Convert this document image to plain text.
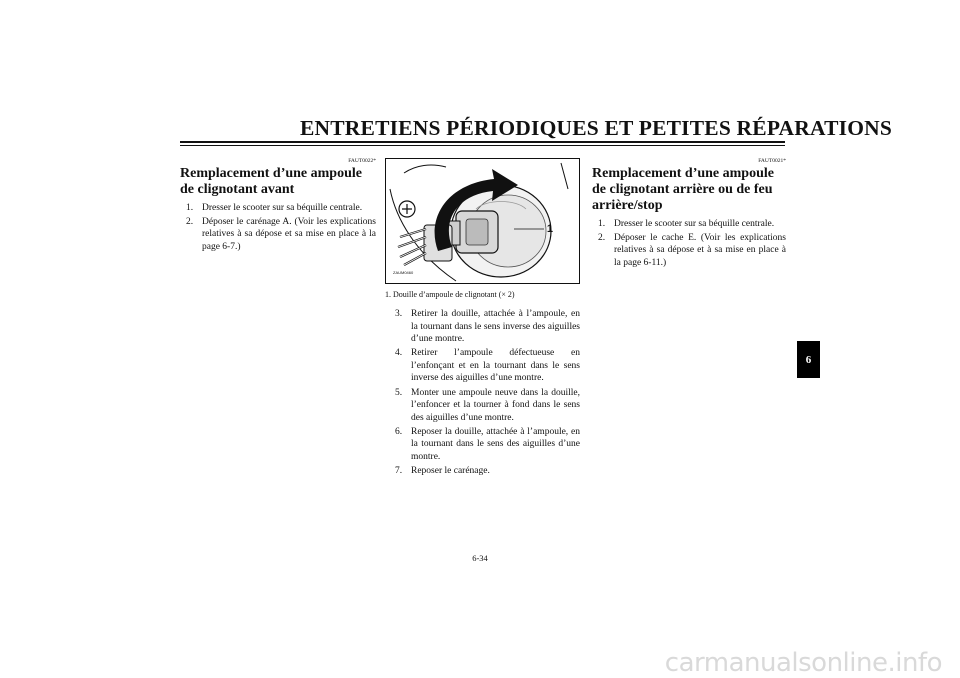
ENTRETIENS PÉRIODIQUES ET PETITES RÉPARATIONS
FAUT0022*
Remplacement d’une ampoule de clignotant avant
1. Dresser le scooter sur sa béquille centrale.
2. Déposer le carénage A. (Voir les explications relatives à sa dépose et sa mise en place à la page 6-7.)
ZAUM0460
1
1. Douille d’ampoule de clignotant (× 2)
3. Retirer la douille, attachée à l’ampoule, en la tournant dans le sens inverse des aiguilles d’une montre.
4. Retirer l’ampoule défectueuse en l’enfonçant et en la tournant dans le sens inverse des aiguilles d’une montre.
5. Monter une ampoule neuve dans la douille, l’enfoncer et la tourner à fond dans le sens des aiguilles d’une montre.
6. Reposer la douille, attachée à l’ampoule, en la tournant dans le sens des aiguilles d’une montre.
7. Reposer le carénage.
FAUT0021*
Remplacement d’une ampoule de clignotant arrière ou de feu arrière/stop
1. Dresser le scooter sur sa béquille centrale.
2. Déposer le cache E. (Voir les explications relatives à sa dépose et à sa mise en place à la page 6-11.)
6
6-34
carmanualsonline.info
